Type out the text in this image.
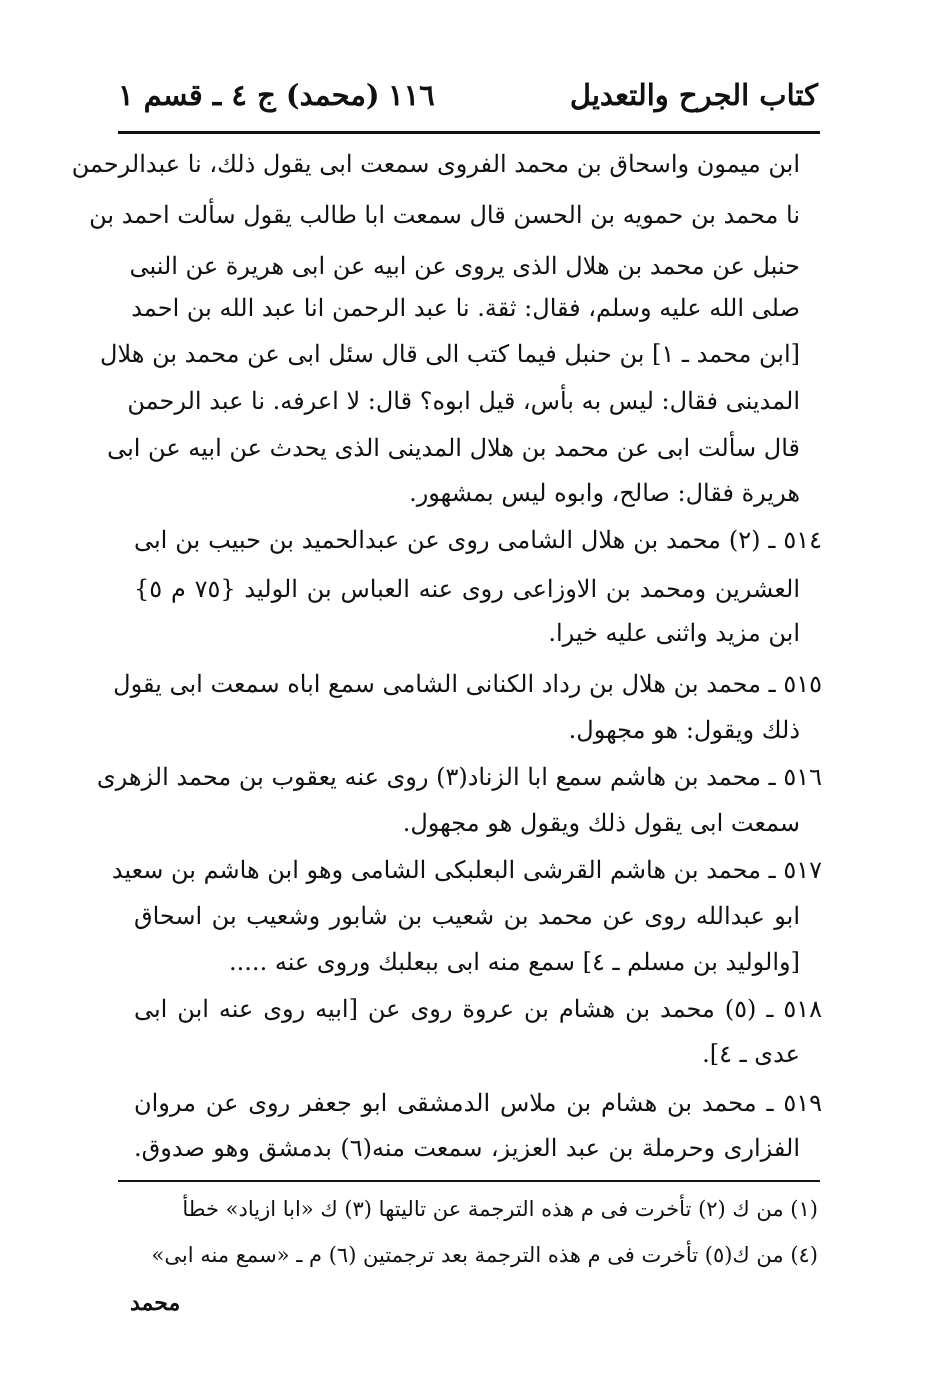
كتاب الجرح والتعديل
١١٦
(محمد) ج ٤ ـ قسم ١
ابن ميمون واسحاق بن محمد الفروى سمعت ابى يقول ذلك، نا عبدالرحمن
نا محمد بن حمويه بن الحسن قال سمعت ابا طالب يقول سألت احمد بن
حنبل عن محمد بن هلال الذى يروى عن ابيه عن ابى هريرة عن النبى
صلى الله عليه وسلم، فقال: ثقة. نا عبد الرحمن انا عبد الله بن احمد
[ابن محمد ـ ١] بن حنبل فيما كتب الى قال سئل ابى عن محمد بن هلال
المدينى فقال: ليس به بأس، قيل ابوه؟ قال: لا اعرفه. نا عبد الرحمن
قال سألت ابى عن محمد بن هلال المدينى الذى يحدث عن ابيه عن ابى
هريرة فقال: صالح، وابوه ليس بمشهور.
٥١٤ ـ (٢) محمد بن هلال الشامى روى عن عبدالحميد بن حبيب بن ابى
العشرين ومحمد بن الاوزاعى روى عنه العباس بن الوليد {٧٥ م ٥}
ابن مزيد واثنى عليه خيرا.
٥١٥ ـ محمد بن هلال بن رداد الكنانى الشامى سمع اباه سمعت ابى يقول
ذلك ويقول: هو مجهول.
٥١٦ ـ محمد بن هاشم سمع ابا الزناد(٣) روى عنه يعقوب بن محمد الزهرى
سمعت ابى يقول ذلك ويقول هو مجهول.
٥١٧ ـ محمد بن هاشم القرشى البعلبكى الشامى وهو ابن هاشم بن سعيد
ابو عبدالله روى عن محمد بن شعيب بن شابور وشعيب بن اسحاق
[والوليد بن مسلم ـ ٤] سمع منه ابى ببعلبك وروى عنه .....
٥١٨ ـ (٥) محمد بن هشام بن عروة روى عن [ابيه روى عنه ابن ابى
عدى ـ ٤].
٥١٩ ـ محمد بن هشام بن ملاس الدمشقى ابو جعفر روى عن مروان
الفزارى وحرملة بن عبد العزيز، سمعت منه(٦) بدمشق وهو صدوق.
(١) من ك (٢) تأخرت فى م هذه الترجمة عن تاليتها (٣) ك «ابا ازياد» خطأ
(٤) من ك(٥) تأخرت فى م هذه الترجمة بعد ترجمتين (٦) م ـ «سمع منه ابى»
محمد
